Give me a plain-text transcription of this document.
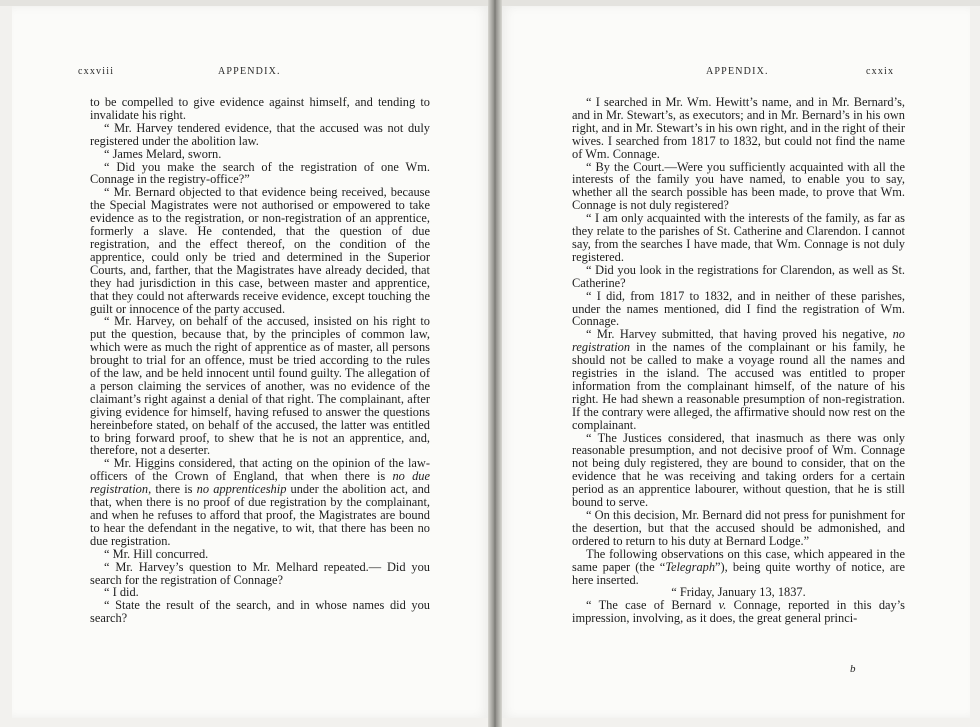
cxxviii	APPENDIX.

to be compelled to give evidence against himself, and tending to invalidate his right.

“ Mr. Harvey tendered evidence, that the accused was not duly registered under the abolition law.

“ James Melard, sworn.

“ Did you make the search of the registration of one Wm. Connage in the registry-office?”

“ Mr. Bernard objected to that evidence being received, because the Special Magistrates were not authorised or empowered to take evidence as to the registration, or non-registration of an apprentice, formerly a slave. He contended, that the question of due registration, and the effect thereof, on the condition of the apprentice, could only be tried and determined in the Superior Courts, and, farther, that the Magistrates have already decided, that they had jurisdiction in this case, between master and apprentice, that they could not afterwards receive evidence, except touching the guilt or innocence of the party accused.

“ Mr. Harvey, on behalf of the accused, insisted on his right to put the question, because that, by the principles of common law, which were as much the right of apprentice as of master, all persons brought to trial for an offence, must be tried according to the rules of the law, and be held innocent until found guilty. The allegation of a person claiming the services of another, was no evidence of the claimant’s right against a denial of that right. The complainant, after giving evidence for himself, having refused to answer the questions hereinbefore stated, on behalf of the accused, the latter was entitled to bring forward proof, to shew that he is not an apprentice, and, therefore, not a deserter.

“ Mr. Higgins considered, that acting on the opinion of the law-officers of the Crown of England, that when there is no due registration, there is no apprenticeship under the abolition act, and that, when there is no proof of due registration by the complainant, and when he refuses to afford that proof, the Magistrates are bound to hear the defendant in the negative, to wit, that there has been no due registration.

“ Mr. Hill concurred.

“ Mr. Harvey’s question to Mr. Melhard repeated.— Did you search for the registration of Connage?

“ I did.

“ State the result of the search, and in whose names did you search?

APPENDIX.	cxxix

“ I searched in Mr. Wm. Hewitt’s name, and in Mr. Bernard’s, and in Mr. Stewart’s, as executors; and in Mr. Bernard’s in his own right, and in Mr. Stewart’s in his own right, and in the right of their wives. I searched from 1817 to 1832, but could not find the name of Wm. Connage.

“ By the Court.—Were you sufficiently acquainted with all the interests of the family you have named, to enable you to say, whether all the search possible has been made, to prove that Wm. Connage is not duly registered?

“ I am only acquainted with the interests of the family, as far as they relate to the parishes of St. Catherine and Clarendon. I cannot say, from the searches I have made, that Wm. Connage is not duly registered.

“ Did you look in the registrations for Clarendon, as well as St. Catherine?

“ I did, from 1817 to 1832, and in neither of these parishes, under the names mentioned, did I find the registration of Wm. Connage.

“ Mr. Harvey submitted, that having proved his negative, no registration in the names of the complainant or his family, he should not be called to make a voyage round all the names and registries in the island. The accused was entitled to proper information from the complainant himself, of the nature of his right. He had shewn a reasonable presumption of non-registration. If the contrary were alleged, the affirmative should now rest on the complainant.

“ The Justices considered, that inasmuch as there was only reasonable presumption, and not decisive proof of Wm. Connage not being duly registered, they are bound to consider, that on the evidence that he was receiving and taking orders for a certain period as an apprentice labourer, without question, that he is still bound to serve.

“ On this decision, Mr. Bernard did not press for punishment for the desertion, but that the accused should be admonished, and ordered to return to his duty at Bernard Lodge.”

The following observations on this case, which appeared in the same paper (the “Telegraph”), being quite worthy of notice, are here inserted.

“ Friday, January 13, 1837.

“ The case of Bernard v. Connage, reported in this day’s impression, involving, as it does, the great general princi-

b
